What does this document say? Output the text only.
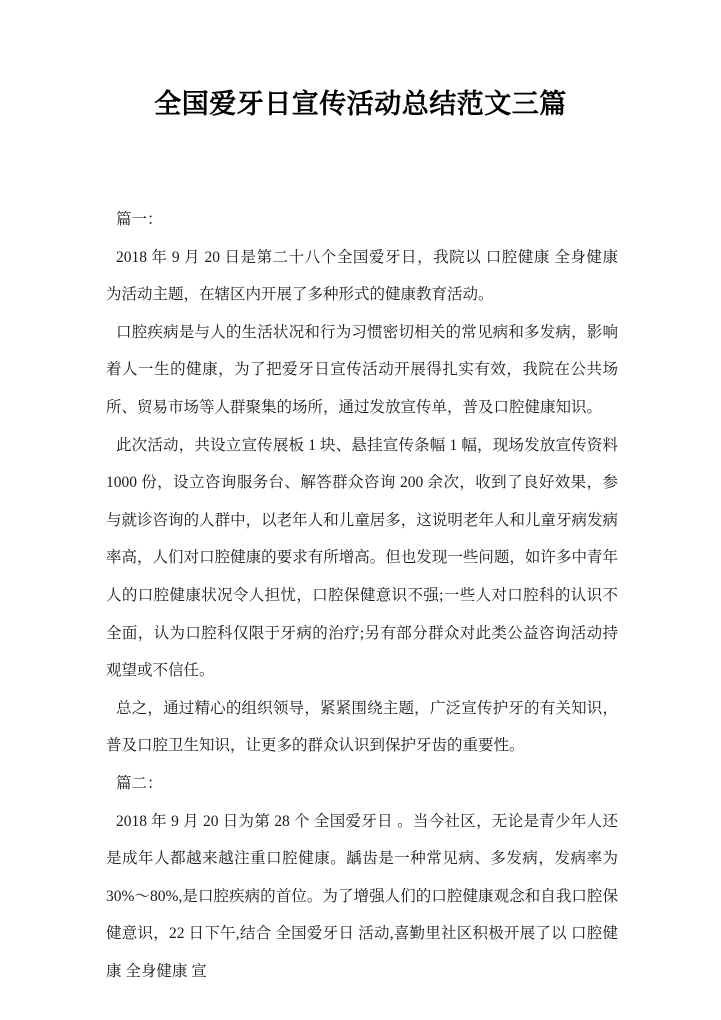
全国爱牙日宣传活动总结范文三篇

篇一：

2018 年 9 月 20 日是第二十八个全国爱牙日，我院以 口腔健康 全身健康 为活动主题，在辖区内开展了多种形式的健康教育活动。

口腔疾病是与人的生活状况和行为习惯密切相关的常见病和多发病，影响着人一生的健康，为了把爱牙日宣传活动开展得扎实有效，我院在公共场所、贸易市场等人群聚集的场所，通过发放宣传单，普及口腔健康知识。

此次活动，共设立宣传展板 1 块、悬挂宣传条幅 1 幅，现场发放宣传资料 1000 份，设立咨询服务台、解答群众咨询 200 余次，收到了良好效果，参与就诊咨询的人群中，以老年人和儿童居多，这说明老年人和儿童牙病发病率高，人们对口腔健康的要求有所增高。但也发现一些问题，如许多中青年人的口腔健康状况令人担忧，口腔保健意识不强;一些人对口腔科的认识不全面，认为口腔科仅限于牙病的治疗;另有部分群众对此类公益咨询活动持观望或不信任。

总之，通过精心的组织领导，紧紧围绕主题，广泛宣传护牙的有关知识，普及口腔卫生知识，让更多的群众认识到保护牙齿的重要性。

篇二：

2018 年 9 月 20 日为第 28 个 全国爱牙日 。当今社区，无论是青少年人还是成年人都越来越注重口腔健康。龋齿是一种常见病、多发病，发病率为 30%～80%,是口腔疾病的首位。为了增强人们的口腔健康观念和自我口腔保健意识，22 日下午,结合 全国爱牙日 活动,喜勤里社区积极开展了以 口腔健康 全身健康 宣
